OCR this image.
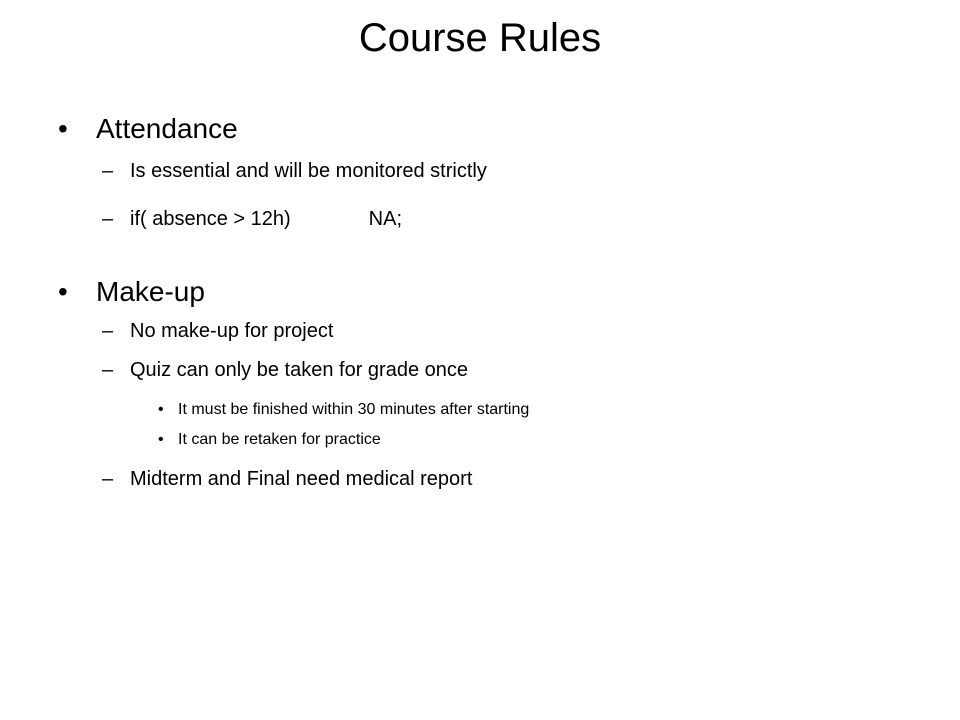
Course Rules
• Attendance
– Is essential and will be monitored strictly
– if( absence > 12h)	NA;
• Make-up
– No make-up for project
– Quiz can only be taken for grade once
• It must be finished within 30 minutes after starting
• It can be retaken for practice
– Midterm and Final need medical report
